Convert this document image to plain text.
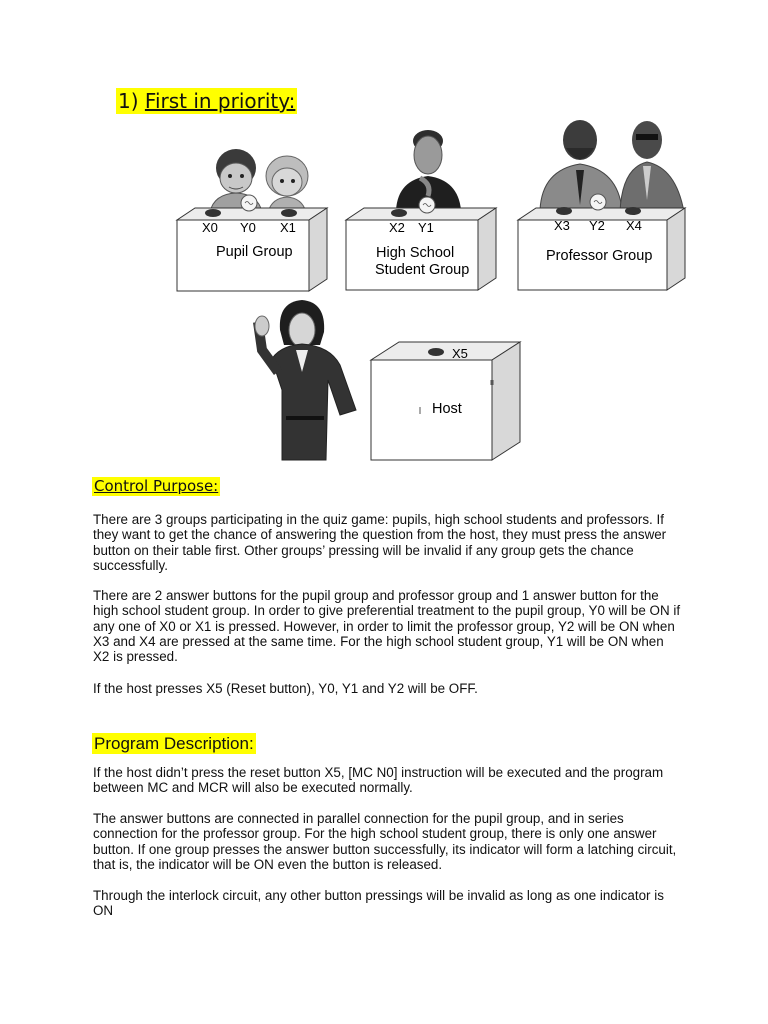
1) First in priority:
X0 Y0 X1
Pupil Group
X2 Y1
High School
Student Group
X3 Y2 X4
Professor Group
X5
Host
Control Purpose:

There are 3 groups participating in the quiz game: pupils, high school students and professors. If they want to get the chance of answering the question from the host, they must press the answer button on their table first. Other groups’ pressing will be invalid if any group gets the chance successfully.

There are 2 answer buttons for the pupil group and professor group and 1 answer button for the high school student group. In order to give preferential treatment to the pupil group, Y0 will be ON if any one of X0 or X1 is pressed. However, in order to limit the professor group, Y2 will be ON when X3 and X4 are pressed at the same time. For the high school student group, Y1 will be ON when X2 is pressed.

If the host presses X5 (Reset button), Y0, Y1 and Y2 will be OFF.

Program Description:

If the host didn’t press the reset button X5, [MC N0] instruction will be executed and the program between MC and MCR will also be executed normally.

The answer buttons are connected in parallel connection for the pupil group, and in series connection for the professor group. For the high school student group, there is only one answer button. If one group presses the answer button successfully, its indicator will form a latching circuit, that is, the indicator will be ON even the button is released.

Through the interlock circuit, any other button pressings will be invalid as long as one indicator is ON
